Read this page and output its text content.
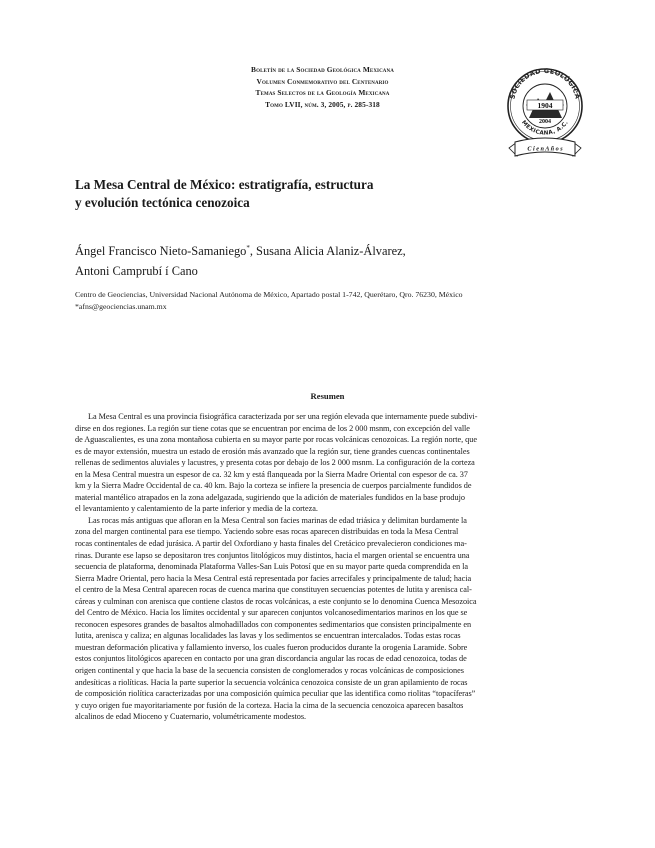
Boletín de la Sociedad Geológica Mexicana
Volumen Conmemorativo del Centenario
Temas Selectos de la Geología Mexicana
Tomo LVII, núm. 3, 2005, p. 285-318
SOCIEDAD GEOLÓGICA
MEXICANA, A.C.
1904
2004
C i e n A ñ o s
La Mesa Central de México: estratigrafía, estructura
y evolución tectónica cenozoica
Ángel Francisco Nieto-Samaniego*, Susana Alicia Alaniz-Álvarez,
Antoni Camprubí í Cano
Centro de Geociencias, Universidad Nacional Autónoma de México, Apartado postal 1-742, Querétaro, Qro. 76230, México
*afns@geociencias.unam.mx
Resumen
La Mesa Central es una provincia fisiográfica caracterizada por ser una región elevada que internamente puede subdivi-
dirse en dos regiones. La región sur tiene cotas que se encuentran por encima de los 2 000 msnm, con excepción del valle
de Aguascalientes, es una zona montañosa cubierta en su mayor parte por rocas volcánicas cenozoicas. La región norte, que
es de mayor extensión, muestra un estado de erosión más avanzado que la región sur, tiene grandes cuencas continentales
rellenas de sedimentos aluviales y lacustres, y presenta cotas por debajo de los 2 000 msnm. La configuración de la corteza
en la Mesa Central muestra un espesor de ca. 32 km y está flanqueada por la Sierra Madre Oriental con espesor de ca. 37
km y la Sierra Madre Occidental de ca. 40 km. Bajo la corteza se infiere la presencia de cuerpos parcialmente fundidos de
material mantélico atrapados en la zona adelgazada, sugiriendo que la adición de materiales fundidos en la base produjo
el levantamiento y calentamiento de la parte inferior y media de la corteza.
Las rocas más antiguas que afloran en la Mesa Central son facies marinas de edad triásica y delimitan burdamente la
zona del margen continental para ese tiempo. Yaciendo sobre esas rocas aparecen distribuidas en toda la Mesa Central
rocas continentales de edad jurásica. A partir del Oxfordiano y hasta finales del Cretácico prevalecieron condiciones ma-
rinas. Durante ese lapso se depositaron tres conjuntos litológicos muy distintos, hacia el margen oriental se encuentra una
secuencia de plataforma, denominada Plataforma Valles-San Luis Potosí que en su mayor parte queda comprendida en la
Sierra Madre Oriental, pero hacia la Mesa Central está representada por facies arrecifales y principalmente de talud; hacia
el centro de la Mesa Central aparecen rocas de cuenca marina que constituyen secuencias potentes de lutita y arenisca cal-
cáreas y culminan con arenisca que contiene clastos de rocas volcánicas, a este conjunto se lo denomina Cuenca Mesozoica
del Centro de México. Hacia los límites occidental y sur aparecen conjuntos volcanosedimentarios marinos en los que se
reconocen espesores grandes de basaltos almohadillados con componentes sedimentarios que consisten principalmente en
lutita, arenisca y caliza; en algunas localidades las lavas y los sedimentos se encuentran intercalados. Todas estas rocas
muestran deformación plicativa y fallamiento inverso, los cuales fueron producidos durante la orogenia Laramide. Sobre
estos conjuntos litológicos aparecen en contacto por una gran discordancia angular las rocas de edad cenozoica, todas de
origen continental y que hacia la base de la secuencia consisten de conglomerados y rocas volcánicas de composiciones
andesíticas a riolíticas. Hacia la parte superior la secuencia volcánica cenozoica consiste de un gran apilamiento de rocas
de composición riolítica caracterizadas por una composición química peculiar que las identifica como riolitas “topacíferas”
y cuyo origen fue mayoritariamente por fusión de la corteza. Hacia la cima de la secuencia cenozoica aparecen basaltos
alcalinos de edad Mioceno y Cuaternario, volumétricamente modestos.
